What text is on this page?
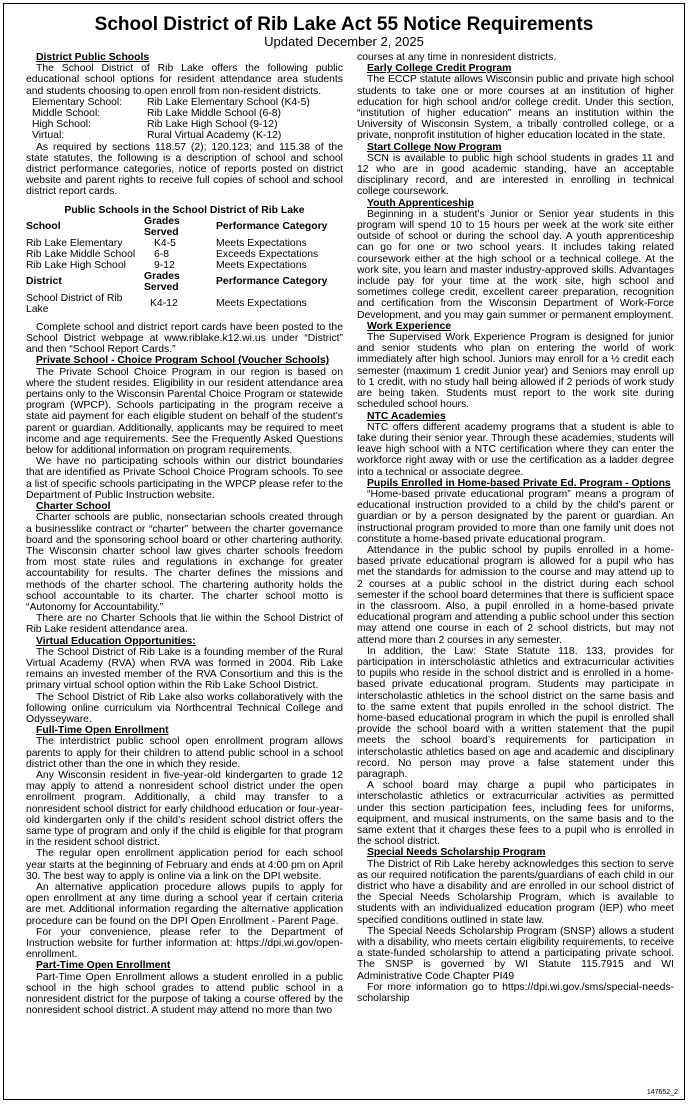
School District of Rib Lake Act 55 Notice Requirements
Updated December 2, 2025
District Public Schools

The School District of Rib Lake offers the following public educational school options for resident attendance area students and students choosing to open enroll from non-resident districts.

Elementary School:	Rib Lake Elementary School (K4-5)
Middle School:	Rib Lake Middle School (6-8)
High School:	Rib Lake High School (9-12)
Virtual:	Rural Virtual Academy (K-12)

As required by sections 118.57 (2); 120.123; and 115.38 of the state statutes, the following is a description of school and school district performance categories, notice of reports posted on district website and parent rights to receive full copies of school and school district report cards.

Public Schools in the School District of Rib Lake
School	Grades Served	Performance Category
Rib Lake Elementary	K4-5	Meets Expectations
Rib Lake Middle School	6-8	Exceeds Expectations
Rib Lake High School	9-12	Meets Expectations
District	Grades Served	Performance Category
School District of Rib Lake	K4-12	Meets Expectations

Complete school and district report cards have been posted to the School District webpage at www.riblake.k12.wi.us under “District” and then “School Report Cards.”

Private School - Choice Program School (Voucher Schools)

The Private School Choice Program in our region is based on where the student resides. Eligibility in our resident attendance area pertains only to the Wisconsin Parental Choice Program or statewide program (WPCP). Schools participating in the program receive a state aid payment for each eligible student on behalf of the student’s parent or guardian. Additionally, applicants may be required to meet income and age requirements. See the Frequently Asked Questions below for additional information on program requirements.

We have no participating schools within our district boundaries that are identified as Private School Choice Program schools. To see a list of specific schools participating in the WPCP please refer to the Department of Public Instruction website.

Charter School

Charter schools are public, nonsectarian schools created through a businesslike contract or “charter” between the charter governance board and the sponsoring school board or other chartering authority. The Wisconsin charter school law gives charter schools freedom from most state rules and regulations in exchange for greater accountability for results. The charter defines the missions and methods of the charter school. The chartering authority holds the school accountable to its charter. The charter school motto is “Autonomy for Accountability.”

There are no Charter Schools that lie within the School District of Rib Lake resident attendance area.

Virtual Education Opportunities:

The School District of Rib Lake is a founding member of the Rural Virtual Academy (RVA) when RVA was formed in 2004. Rib Lake remains an invested member of the RVA Consortium and this is the primary virtual school option within the Rib Lake School District.

The School District of Rib Lake also works collaboratively with the following online curriculum via Northcentral Technical College and Odysseyware.

Full-Time Open Enrollment

The interdistrict public school open enrollment program allows parents to apply for their children to attend public school in a school district other than the one in which they reside.

Any Wisconsin resident in five-year-old kindergarten to grade 12 may apply to attend a nonresident school district under the open enrollment program. Additionally, a child may transfer to a nonresident school district for early childhood education or four-year-old kindergarten only if the child’s resident school district offers the same type of program and only if the child is eligible for that program in the resident school district.

The regular open enrollment application period for each school year starts at the beginning of February and ends at 4:00 pm on April 30. The best way to apply is online via a link on the DPI website.

An alternative application procedure allows pupils to apply for open enrollment at any time during a school year if certain criteria are met. Additional information regarding the alternative application procedure can be found on the DPI Open Enrollment - Parent Page.

For your convenience, please refer to the Department of Instruction website for further information at: https://dpi.wi.gov/open-enrollment.

Part-Time Open Enrollment

Part-Time Open Enrollment allows a student enrolled in a public school in the high school grades to attend public school in a nonresident district for the purpose of taking a course offered by the nonresident school district. A student may attend no more than two

courses at any time in nonresident districts.

Early College Credit Program

The ECCP statute allows Wisconsin public and private high school students to take one or more courses at an institution of higher education for high school and/or college credit. Under this section, “institution of higher education” means an institution within the University of Wisconsin System, a tribally controlled college, or a private, nonprofit institution of higher education located in the state.

Start College Now Program

SCN is available to public high school students in grades 11 and 12 who are in good academic standing, have an acceptable disciplinary record, and are interested in enrolling in technical college coursework.

Youth Apprenticeship

Beginning in a student’s Junior or Senior year students in this program will spend 10 to 15 hours per week at the work site either outside of school or during the school day. A youth apprenticeship can go for one or two school years. It includes taking related coursework either at the high school or a technical college. At the work site, you learn and master industry-approved skills. Advantages include pay for your time at the work site, high school and sometimes college credit, excellent career preparation, recognition and certification from the Wisconsin Department of Work-Force Development, and you may gain summer or permanent employment.

Work Experience

The Supervised Work Experience Program is designed for junior and senior students who plan on entering the world of work immediately after high school. Juniors may enroll for a ½ credit each semester (maximum 1 credit Junior year) and Seniors may enroll up to 1 credit, with no study hall being allowed if 2 periods of work study are being taken. Students must report to the work site during scheduled school hours.

NTC Academies

NTC offers different academy programs that a student is able to take during their senior year. Through these academies, students will leave high school with a NTC certification where they can enter the workforce right away with or use the certification as a ladder degree into a technical or associate degree.

Pupils Enrolled in Home-based Private Ed. Program - Options

“Home-based private educational program” means a program of educational instruction provided to a child by the child’s parent or guardian or by a person designated by the parent or guardian. An instructional program provided to more than one family unit does not constitute a home-based private educational program.

Attendance in the public school by pupils enrolled in a home-based private educational program is allowed for a pupil who has met the standards for admission to the course and may attend up to 2 courses at a public school in the district during each school semester if the school board determines that there is sufficient space in the classroom. Also, a pupil enrolled in a home-based private educational program and attending a public school under this section may attend one course in each of 2 school districts, but may not attend more than 2 courses in any semester.

In addition, the Law: State Statute 118. 133, provides for participation in interscholastic athletics and extracurricular activities to pupils who reside in the school district and is enrolled in a home-based private educational program. Students may participate in interscholastic athletics in the school district on the same basis and to the same extent that pupils enrolled in the school district. The home-based educational program in which the pupil is enrolled shall provide the school board with a written statement that the pupil meets the school board’s requirements for participation in interscholastic athletics based on age and academic and disciplinary record. No person may prove a false statement under this paragraph.

A school board may charge a pupil who participates in interscholastic athletics or extracurricular activities as permitted under this section participation fees, including fees for uniforms, equipment, and musical instruments, on the same basis and to the same extent that it charges these fees to a pupil who is enrolled in the school district.

Special Needs Scholarship Program

The District of Rib Lake hereby acknowledges this section to serve as our required notification the parents/guardians of each child in our district who have a disability and are enrolled in our school district of the Special Needs Scholarship Program, which is available to students with an individualized education program (IEP) who meet specified conditions outlined in state law.

The Special Needs Scholarship Program (SNSP) allows a student with a disability, who meets certain eligibility requirements, to receive a state-funded scholarship to attend a participating private school. The SNSP is governed by WI Statute 115.7915 and WI Administrative Code Chapter PI49

For more information go to https://dpi.wi.gov./sms/special-needs-scholarship

147652_2
